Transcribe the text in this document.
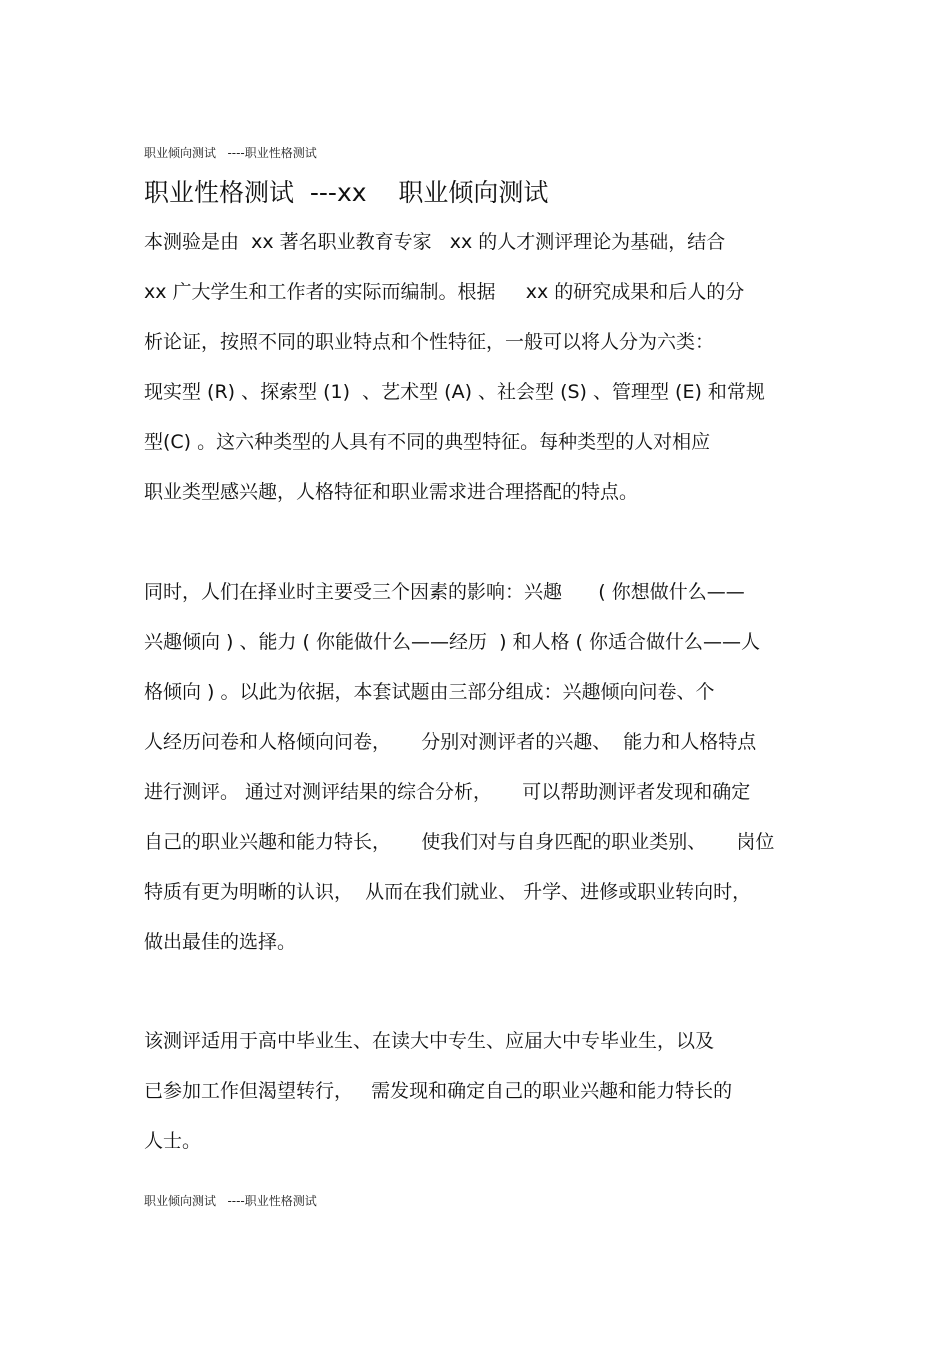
职业倾向测试   ----职业性格测试
职业性格测试  ---xx    职业倾向测试
本测验是由  xx 著名职业教育专家   xx 的人才测评理论为基础，结合
xx 广大学生和工作者的实际而编制。根据     xx 的研究成果和后人的分
析论证，按照不同的职业特点和个性特征，一般可以将人分为六类：
现实型 (R) 、探索型 (1)  、艺术型 (A) 、社会型 (S) 、管理型 (E) 和常规
型(C) 。这六种类型的人具有不同的典型特征。每种类型的人对相应
职业类型感兴趣，人格特征和职业需求进合理搭配的特点。
同时，人们在择业时主要受三个因素的影响：兴趣      ( 你想做什么——
兴趣倾向 ) 、能力 ( 你能做什么——经历  ) 和人格 ( 你适合做什么——人
格倾向 ) 。以此为依据，本套试题由三部分组成：兴趣倾向问卷、个
人经历问卷和人格倾向问卷，     分别对测评者的兴趣、  能力和人格特点
进行测评。 通过对测评结果的综合分析，     可以帮助测评者发现和确定
自己的职业兴趣和能力特长，     使我们对与自身匹配的职业类别、     岗位
特质有更为明晰的认识，  从而在我们就业、 升学、进修或职业转向时，
做出最佳的选择。
该测评适用于高中毕业生、在读大中专生、应届大中专毕业生，以及
已参加工作但渴望转行，   需发现和确定自己的职业兴趣和能力特长的
人士。
职业倾向测试   ----职业性格测试
